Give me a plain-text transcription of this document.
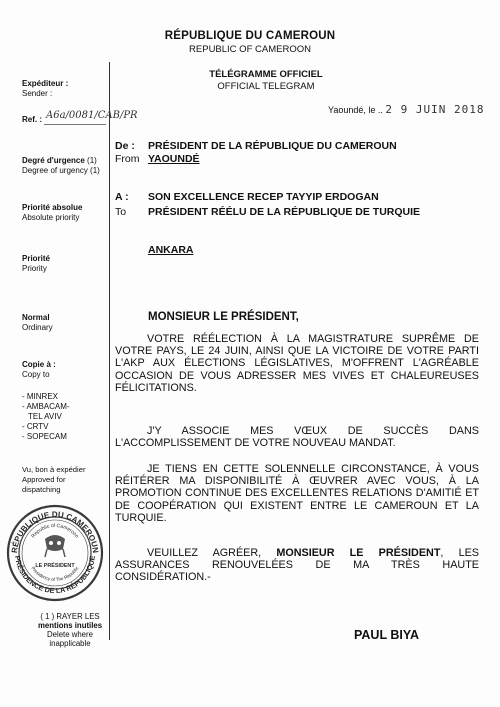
RÉPUBLIQUE DU CAMEROUN
REPUBLIC OF CAMEROON
TÉLÉGRAMME OFFICIEL
OFFICIAL TELEGRAM
Yaoundé, le .. 2 9 JUIN 2018
Expéditeur :
Sender :
Ref. : A6a/0081/CAB/PR
Degré d'urgence (1)
Degree of urgency (1)
Priorité absolue
Absolute priority
Priorité
Priority
Normal
Ordinary
Copie à :
Copy to
- MINREX
- AMBACAM-
TEL AVIV
- CRTV
- SOPECAM
Vu, bon à expédier
Approved for
dispatching
RÉPUBLIQUE DU CAMEROUN
PRÉSIDENCE DE LA RÉPUBLIQUE
Republic of Cameroon
Presidency of The Republic
LE PRÉSIDENT
( 1 ) RAYER LES
mentions inutiles
Delete where
inapplicable
De :
From
PRÉSIDENT DE LA RÉPUBLIQUE DU CAMEROUN
YAOUNDÉ
A :
To
SON EXCELLENCE RECEP TAYYIP ERDOGAN
PRÉSIDENT RÉÉLU DE LA RÉPUBLIQUE DE TURQUIE
ANKARA
MONSIEUR LE PRÉSIDENT,
VOTRE RÉÉLECTION À LA MAGISTRATURE SUPRÊME DE VOTRE PAYS, LE 24 JUIN, AINSI QUE LA VICTOIRE DE VOTRE PARTI L'AKP AUX ÉLECTIONS LÉGISLATIVES, M'OFFRENT L'AGRÉABLE OCCASION DE VOUS ADRESSER MES VIVES ET CHALEUREUSES FÉLICITATIONS.
J'Y ASSOCIE MES VŒUX DE SUCCÈS DANS L'ACCOMPLISSEMENT DE VOTRE NOUVEAU MANDAT.
JE TIENS EN CETTE SOLENNELLE CIRCONSTANCE, À VOUS RÉITÉRER MA DISPONIBILITÉ À ŒUVRER AVEC VOUS, À LA PROMOTION CONTINUE DES EXCELLENTES RELATIONS D'AMITIÉ ET DE COOPÉRATION QUI EXISTENT ENTRE LE CAMEROUN ET LA TURQUIE.
VEUILLEZ AGRÉER, MONSIEUR LE PRÉSIDENT, LES ASSURANCES RENOUVELÉES DE MA TRÈS HAUTE CONSIDÉRATION.-
PAUL BIYA
